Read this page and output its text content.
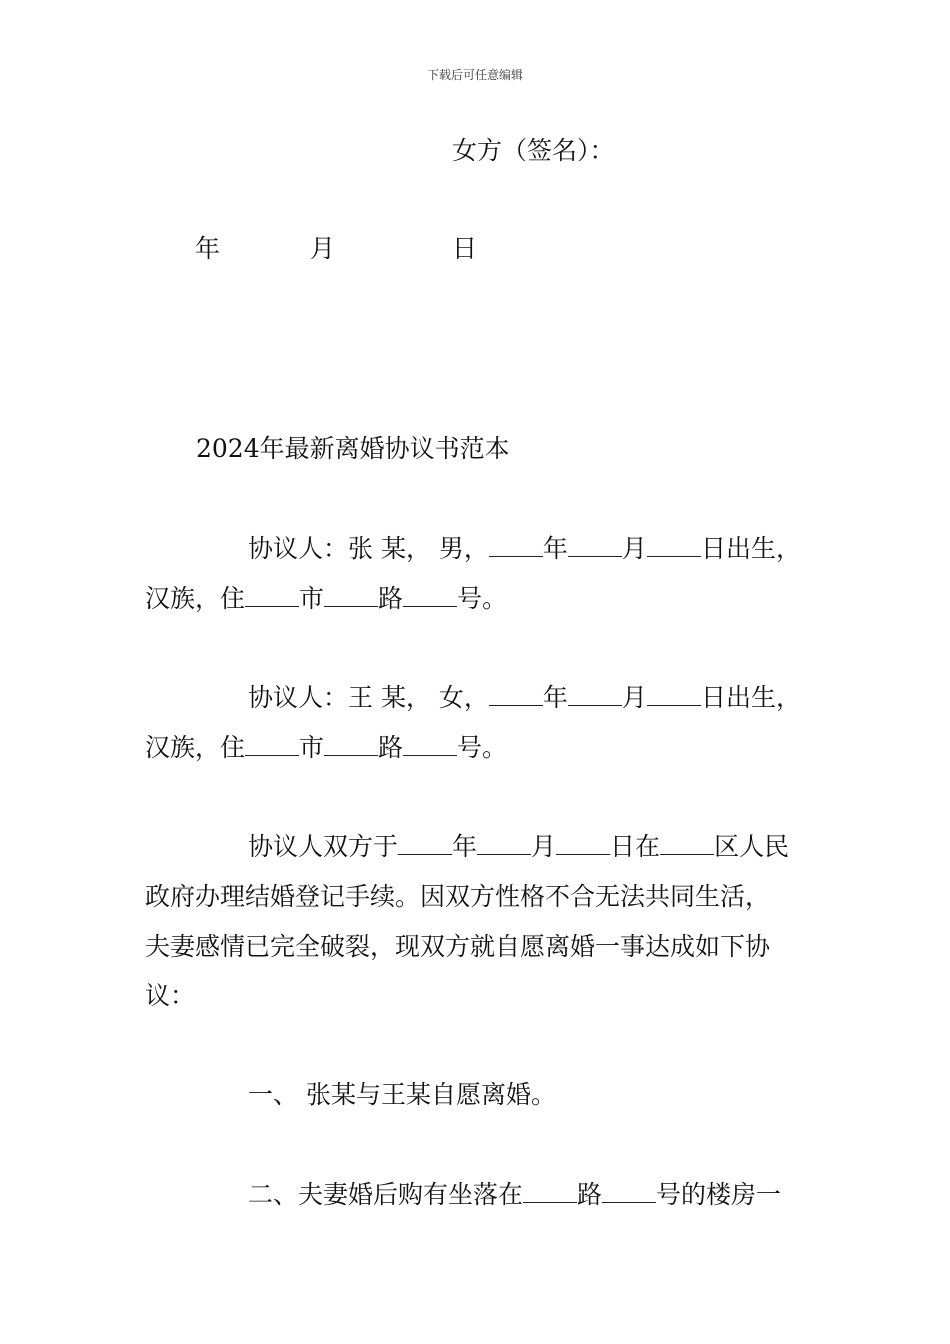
下载后可任意编辑
女方（签名）：
年	月	日
2024年最新离婚协议书范本
协议人：张 某， 男， 年 月 日出生，
汉族，住 市 路 号。
协议人：王 某， 女， 年 月 日出生，
汉族，住 市 路 号。
协议人双方于 年 月 日在 区人民
政府办理结婚登记手续。因双方性格不合无法共同生活，
夫妻感情已完全破裂，现双方就自愿离婚一事达成如下协
议：
一、 张某与王某自愿离婚。
二、夫妻婚后购有坐落在 路 号的楼房一
